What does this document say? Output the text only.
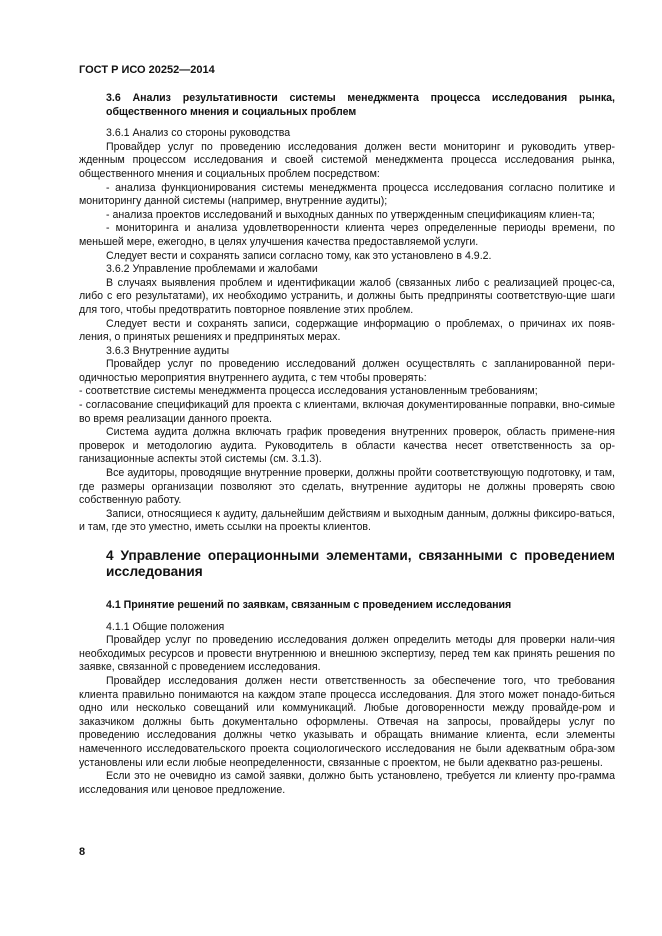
ГОСТ Р ИСО 20252—2014

3.6 Анализ результативности системы менеджмента процесса исследования рынка, общественного мнения и социальных проблем

3.6.1 Анализ со стороны руководства

Провайдер услуг по проведению исследования должен вести мониторинг и руководить утвер-жденным процессом исследования и своей системой менеджмента процесса исследования рынка, общественного мнения и социальных проблем посредством:

- анализа функционирования системы менеджмента процесса исследования согласно политике и мониторингу данной системы (например, внутренние аудиты);

- анализа проектов исследований и выходных данных по утвержденным спецификациям клиен-та;

- мониторинга и анализа удовлетворенности клиента через определенные периоды времени, по меньшей мере, ежегодно, в целях улучшения качества предоставляемой услуги.

Следует вести и сохранять записи согласно тому, как это установлено в 4.9.2.

3.6.2 Управление проблемами и жалобами

В случаях выявления проблем и идентификации жалоб (связанных либо с реализацией процес-са, либо с его результатами), их необходимо устранить, и должны быть предприняты соответствую-щие шаги для того, чтобы предотвратить повторное появление этих проблем.

Следует вести и сохранять записи, содержащие информацию о проблемах, о причинах их появ-ления, о принятых решениях и предпринятых мерах.

3.6.3 Внутренние аудиты

Провайдер услуг по проведению исследований должен осуществлять с запланированной пери-одичностью мероприятия внутреннего аудита, с тем чтобы проверять:

- соответствие системы менеджмента процесса исследования установленным требованиям;

- согласование спецификаций для проекта с клиентами, включая документированные поправки, вно-симые во время реализации данного проекта.

Система аудита должна включать график проведения внутренних проверок, область примене-ния проверок и методологию аудита. Руководитель в области качества несет ответственность за ор-ганизационные аспекты этой системы (см. 3.1.3).

Все аудиторы, проводящие внутренние проверки, должны пройти соответствующую подготовку, и там, где размеры организации позволяют это сделать, внутренние аудиторы не должны проверять свою собственную работу.

Записи, относящиеся к аудиту, дальнейшим действиям и выходным данным, должны фиксиро-ваться, и там, где это уместно, иметь ссылки на проекты клиентов.

4 Управление операционными элементами, связанными с проведением исследования

4.1 Принятие решений по заявкам, связанным с проведением исследования

4.1.1 Общие положения

Провайдер услуг по проведению исследования должен определить методы для проверки нали-чия необходимых ресурсов и провести внутреннюю и внешнюю экспертизу, перед тем как принять решения по заявке, связанной с проведением исследования.

Провайдер исследования должен нести ответственность за обеспечение того, что требования клиента правильно понимаются на каждом этапе процесса исследования. Для этого может понадо-биться одно или несколько совещаний или коммуникаций. Любые договоренности между провайде-ром и заказчиком должны быть документально оформлены. Отвечая на запросы, провайдеры услуг по проведению исследования должны четко указывать и обращать внимание клиента, если элементы намеченного исследовательского проекта социологического исследования не были адекватным обра-зом установлены или если любые неопределенности, связанные с проектом, не были адекватно раз-решены.

Если это не очевидно из самой заявки, должно быть установлено, требуется ли клиенту про-грамма исследования или ценовое предложение.

8
